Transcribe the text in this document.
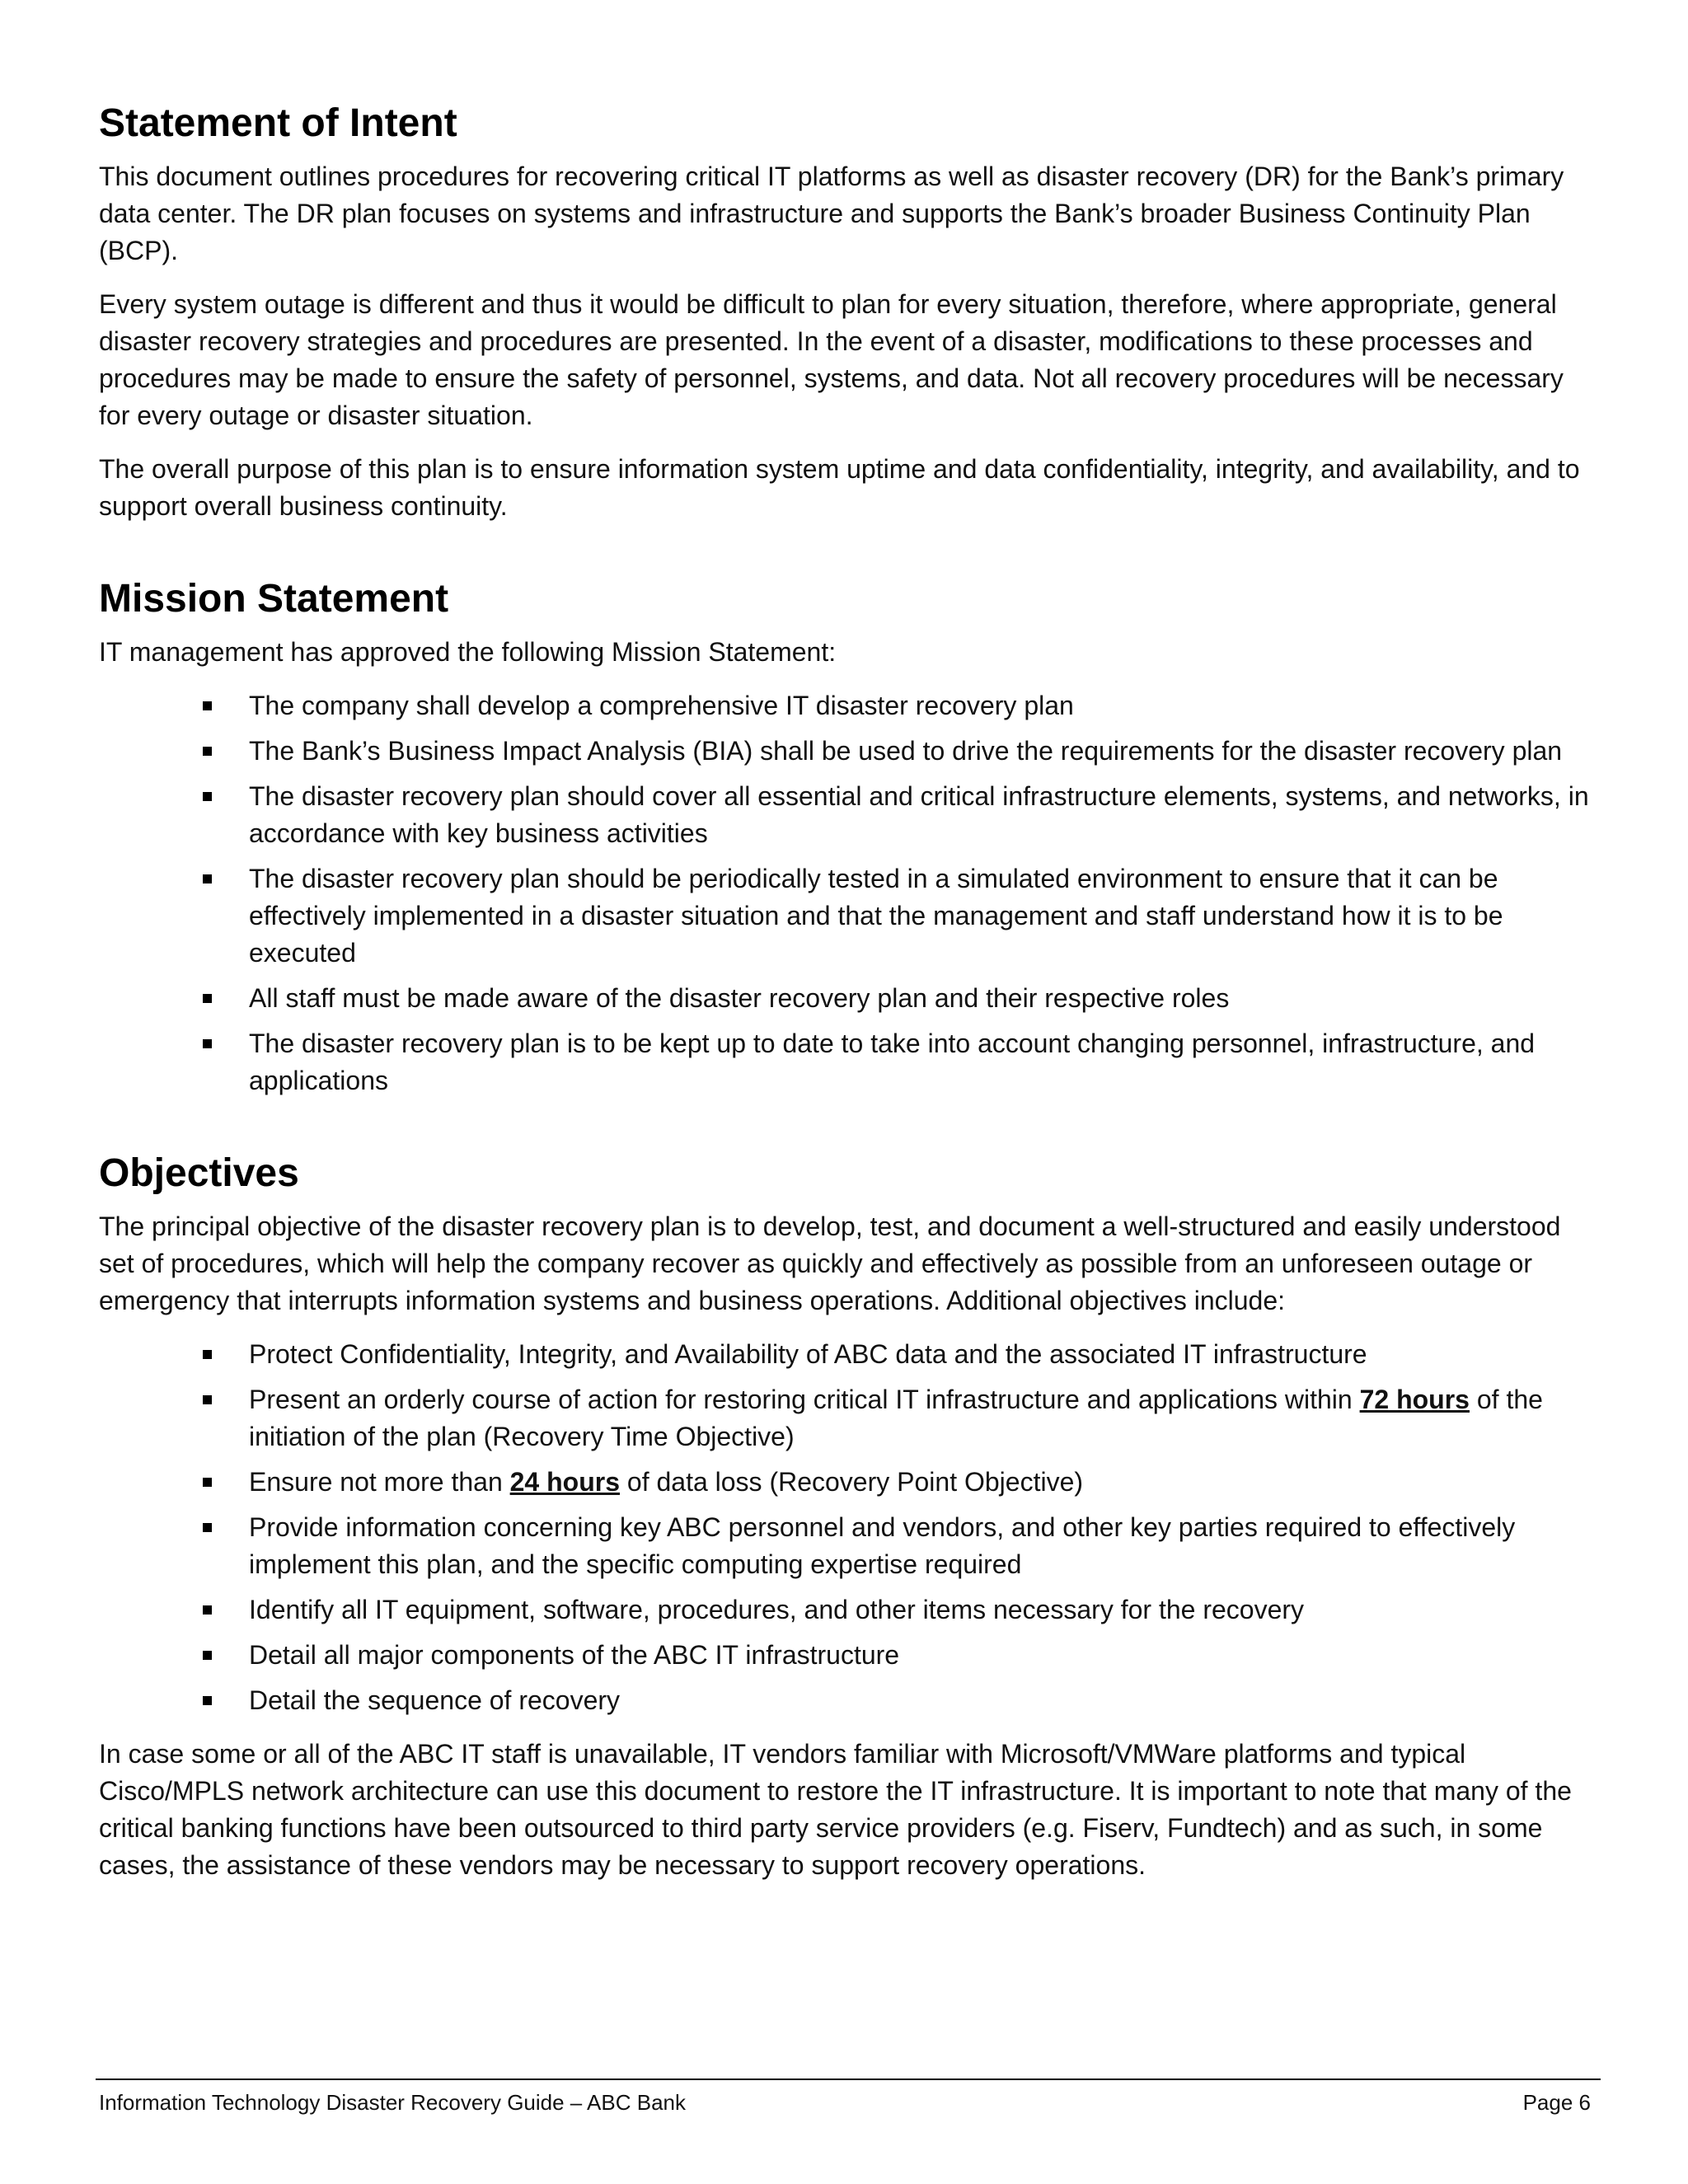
Statement of Intent

This document outlines procedures for recovering critical IT platforms as well as disaster recovery (DR) for the Bank’s primary data center. The DR plan focuses on systems and infrastructure and supports the Bank’s broader Business Continuity Plan (BCP).

Every system outage is different and thus it would be difficult to plan for every situation, therefore, where appropriate, general disaster recovery strategies and procedures are presented. In the event of a disaster, modifications to these processes and procedures may be made to ensure the safety of personnel, systems, and data. Not all recovery procedures will be necessary for every outage or disaster situation.

The overall purpose of this plan is to ensure information system uptime and data confidentiality, integrity, and availability, and to support overall business continuity.

Mission Statement

IT management has approved the following Mission Statement:

The company shall develop a comprehensive IT disaster recovery plan
The Bank’s Business Impact Analysis (BIA) shall be used to drive the requirements for the disaster recovery plan
The disaster recovery plan should cover all essential and critical infrastructure elements, systems, and networks, in accordance with key business activities
The disaster recovery plan should be periodically tested in a simulated environment to ensure that it can be effectively implemented in a disaster situation and that the management and staff understand how it is to be executed
All staff must be made aware of the disaster recovery plan and their respective roles
The disaster recovery plan is to be kept up to date to take into account changing personnel, infrastructure, and applications
Objectives

The principal objective of the disaster recovery plan is to develop, test, and document a well-structured and easily understood set of procedures, which will help the company recover as quickly and effectively as possible from an unforeseen outage or emergency that interrupts information systems and business operations. Additional objectives include:

Protect Confidentiality, Integrity, and Availability of ABC data and the associated IT infrastructure
Present an orderly course of action for restoring critical IT infrastructure and applications within 72 hours of the initiation of the plan (Recovery Time Objective)
Ensure not more than 24 hours of data loss (Recovery Point Objective)
Provide information concerning key ABC personnel and vendors, and other key parties required to effectively implement this plan, and the specific computing expertise required
Identify all IT equipment, software, procedures, and other items necessary for the recovery
Detail all major components of the ABC IT infrastructure
Detail the sequence of recovery

In case some or all of the ABC IT staff is unavailable, IT vendors familiar with Microsoft/VMWare platforms and typical Cisco/MPLS network architecture can use this document to restore the IT infrastructure. It is important to note that many of the critical banking functions have been outsourced to third party service providers (e.g. Fiserv, Fundtech) and as such, in some cases, the assistance of these vendors may be necessary to support recovery operations.

Information Technology Disaster Recovery Guide – ABC Bank	Page 6
